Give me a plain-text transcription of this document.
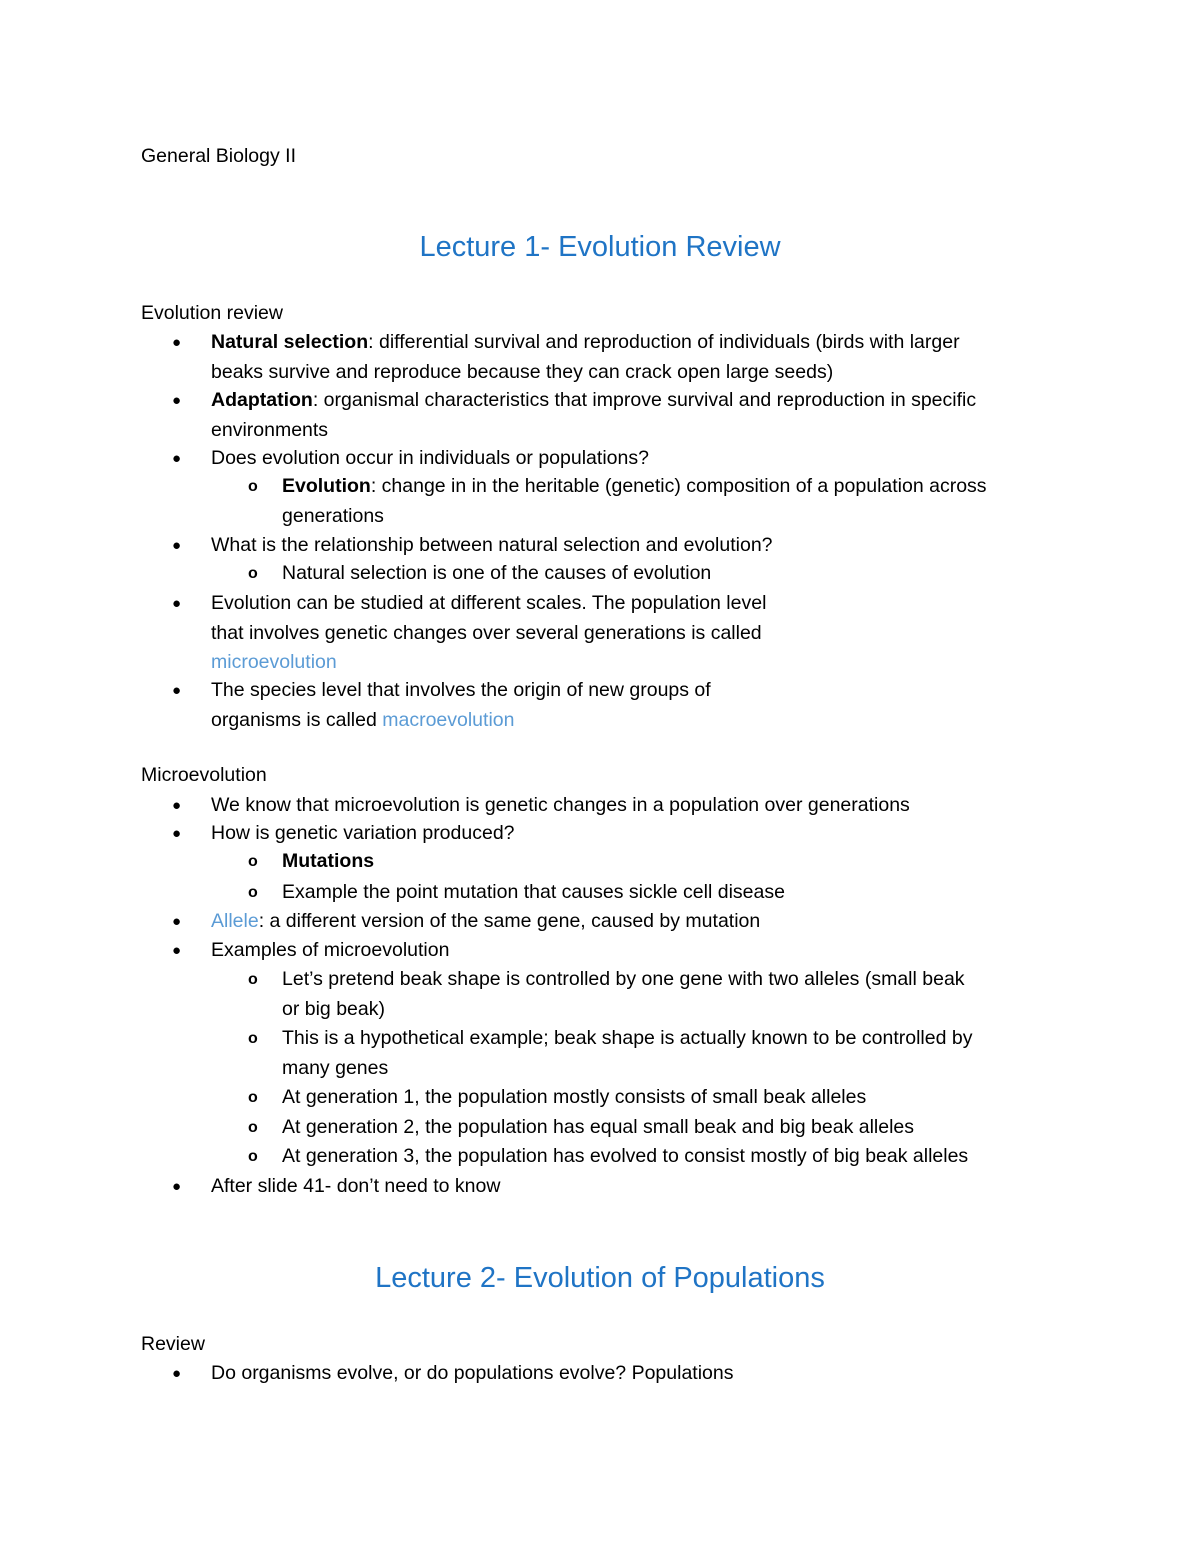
General Biology II
Lecture 1- Evolution Review
Evolution review
● Natural selection: differential survival and reproduction of individuals (birds with larger
beaks survive and reproduce because they can crack open large seeds)
● Adaptation: organismal characteristics that improve survival and reproduction in specific
environments
● Does evolution occur in individuals or populations?
o Evolution: change in in the heritable (genetic) composition of a population across
generations
● What is the relationship between natural selection and evolution?
o Natural selection is one of the causes of evolution
● Evolution can be studied at different scales. The population level
that involves genetic changes over several generations is called
microevolution
● The species level that involves the origin of new groups of
organisms is called macroevolution
Microevolution
● We know that microevolution is genetic changes in a population over generations
● How is genetic variation produced?
o Mutations
o Example the point mutation that causes sickle cell disease
● Allele: a different version of the same gene, caused by mutation
● Examples of microevolution
o Let’s pretend beak shape is controlled by one gene with two alleles (small beak
or big beak)
o This is a hypothetical example; beak shape is actually known to be controlled by
many genes
o At generation 1, the population mostly consists of small beak alleles
o At generation 2, the population has equal small beak and big beak alleles
o At generation 3, the population has evolved to consist mostly of big beak alleles
● After slide 41- don’t need to know
Lecture 2- Evolution of Populations
Review
● Do organisms evolve, or do populations evolve? Populations
